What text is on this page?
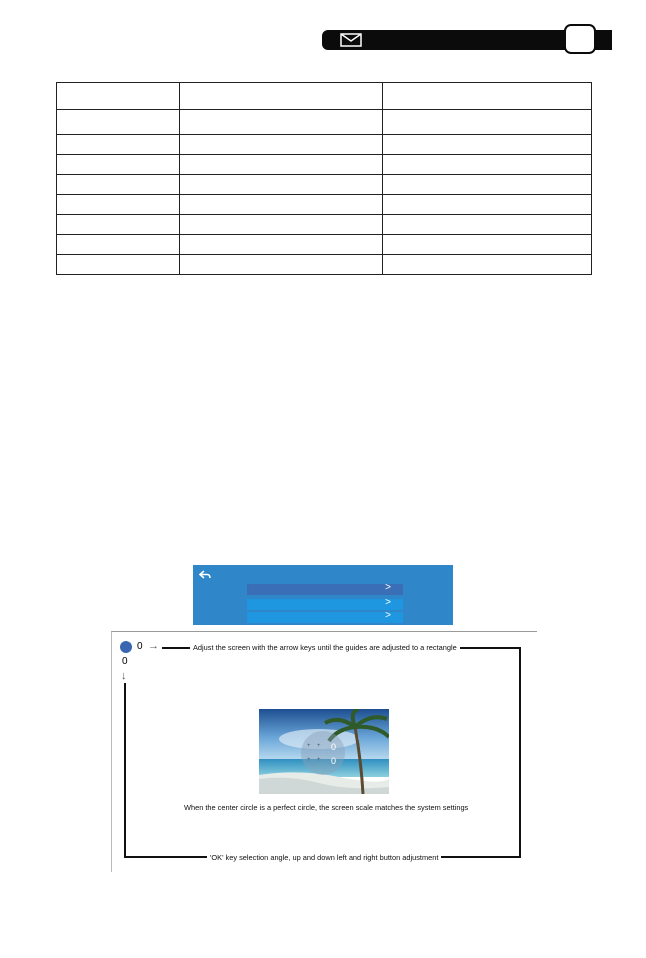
>
>
>
0 →
0
↓
Adjust the screen with the arrow keys until the guides are adjusted to a rectangle
When the center circle is a perfect circle, the screen scale matches the system settings
'OK' key selection angle, up and down left and right button adjustment
+ +
+ +
0
0
